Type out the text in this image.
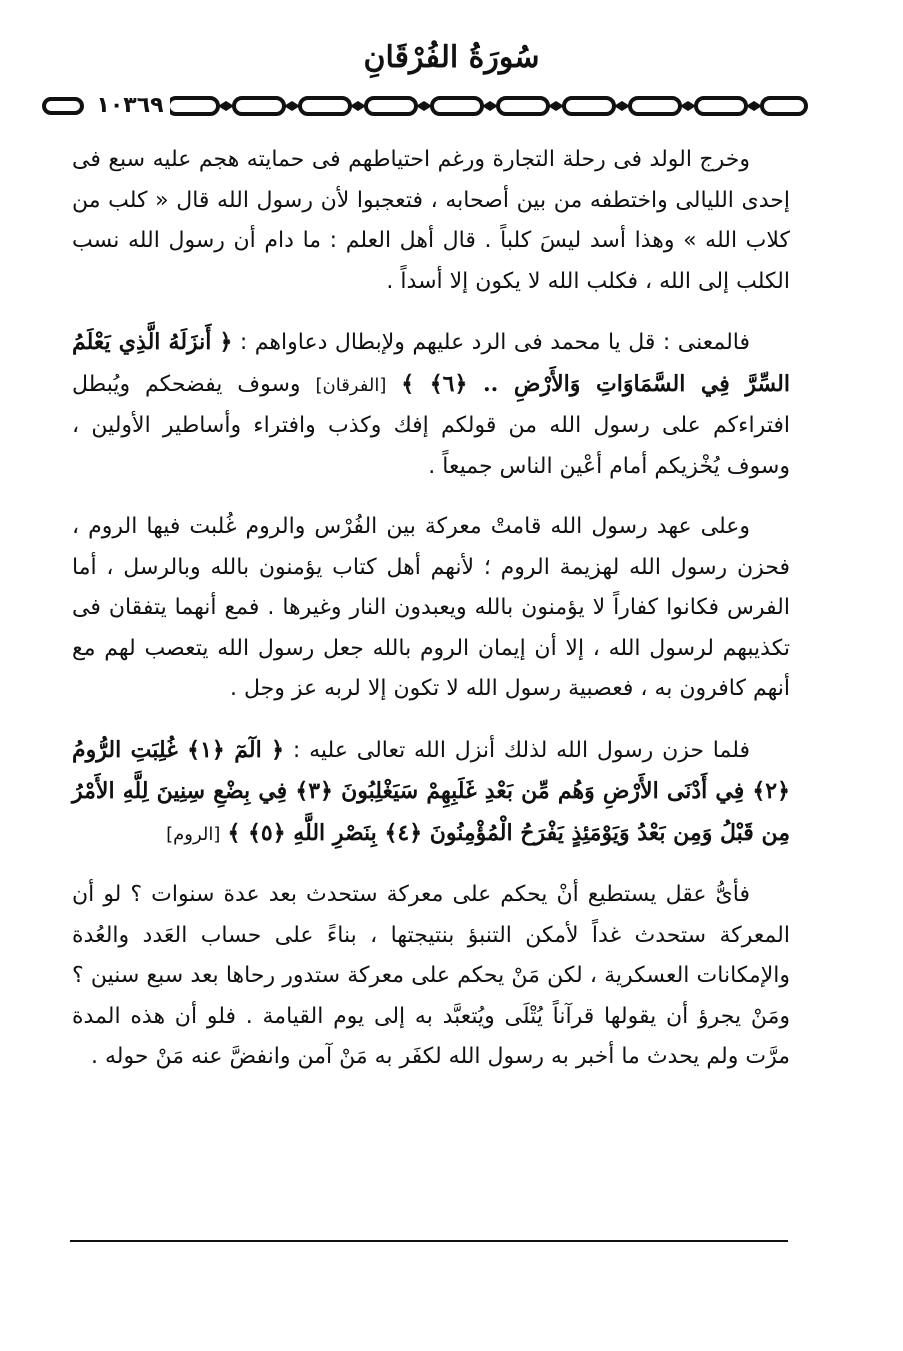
سُورَةُ الفُرْقَانِ
١٠٣٦٩

وخرج الولد فى رحلة التجارة ورغم احتياطهم فى حمايته هجم عليه سبع فى إحدى الليالى واختطفه من بين أصحابه ، فتعجبوا لأن رسول الله قال « كلب من كلاب الله » وهذا أسد ليسَ كلباً . قال أهل العلم : ما دام أن رسول الله نسب الكلب إلى الله ، فكلب الله لا يكون إلا أسداً .

فالمعنى : قل يا محمد فى الرد عليهم ولإبطال دعاواهم : ﴿ أَنزَلَهُ الَّذِي يَعْلَمُ السِّرَّ فِي السَّمَاوَاتِ وَالأَرْضِ .. ﴿٦﴾ ﴾ [الفرقان] وسوف يفضحكم ويُبطل افتراءكم على رسول الله من قولكم إفك وكذب وافتراء وأساطير الأولين ، وسوف يُخْزيكم أمام أعْين الناس جميعاً .

وعلى عهد رسول الله قامتْ معركة بين الفُرْس والروم غُلبت فيها الروم ، فحزن رسول الله لهزيمة الروم ؛ لأنهم أهل كتاب يؤمنون بالله وبالرسل ، أما الفرس فكانوا كفاراً لا يؤمنون بالله ويعبدون النار وغيرها . فمع أنهما يتفقان فى تكذيبهم لرسول الله ، إلا أن إيمان الروم بالله جعل رسول الله يتعصب لهم مع أنهم كافرون به ، فعصبية رسول الله لا تكون إلا لربه عز وجل .

فلما حزن رسول الله لذلك أنزل الله تعالى عليه : ﴿ الٓمٓ ﴿١﴾ غُلِبَتِ الرُّومُ ﴿٢﴾ فِي أَدْنَى الأَرْضِ وَهُم مِّن بَعْدِ غَلَبِهِمْ سَيَغْلِبُونَ ﴿٣﴾ فِي بِضْعِ سِنِينَ لِلَّهِ الأَمْرُ مِن قَبْلُ وَمِن بَعْدُ وَيَوْمَئِذٍ يَفْرَحُ الْمُؤْمِنُونَ ﴿٤﴾ بِنَصْرِ اللَّهِ ﴿٥﴾ ﴾ [الروم]

فأىُّ عقل يستطيع أنْ يحكم على معركة ستحدث بعد عدة سنوات ؟ لو أن المعركة ستحدث غداً لأمكن التنبؤ بنتيجتها ، بناءً على حساب العَدد والعُدة والإمكانات العسكرية ، لكن مَنْ يحكم على معركة ستدور رحاها بعد سبع سنين ؟ ومَنْ يجرؤ أن يقولها قرآناً يُتْلَى ويُتعبَّد به إلى يوم القيامة . فلو أن هذه المدة مرَّت ولم يحدث ما أخبر به رسول الله لكفَر به مَنْ آمن وانفضَّ عنه مَنْ حوله .
